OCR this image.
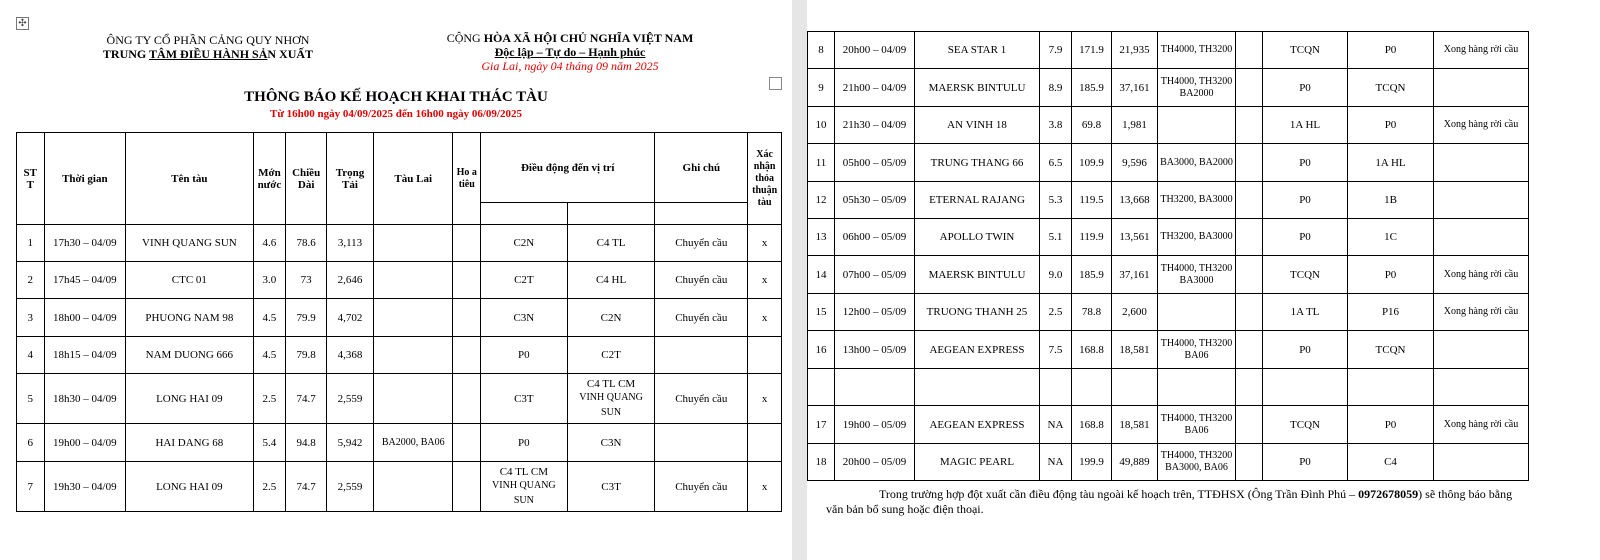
✣
ÔNG TY CỔ PHẦN CẢNG QUY NHƠN
TRUNG TÂM ĐIỀU HÀNH SẢN XUẤT
CỘNG HÒA XÃ HỘI CHỦ NGHĨA VIỆT NAM
Độc lập – Tự do – Hạnh phúc
Gia Lai, ngày 04 tháng 09 năm 2025
THÔNG BÁO KẾ HOẠCH KHAI THÁC TÀU
Từ 16h00 ngày 04/09/2025 đến 16h00 ngày 06/09/2025
ST T	Thời gian	Tên tàu	Mớn nước	Chiều Dài	Trọng Tải	Tàu Lai	Ho a tiêu	Điều động đến vị trí		Ghi chú	Xác nhận thỏa thuận tàu

1	17h30 – 04/09	VINH QUANG SUN	4.6	78.6	3,113			C2N	C4 TL	Chuyển cầu	x
2	17h45 – 04/09	CTC 01	3.0	73	2,646			C2T	C4 HL	Chuyển cầu	x
3	18h00 – 04/09	PHUONG NAM 98	4.5	79.9	4,702			C3N	C2N	Chuyển cầu	x
4	18h15 – 04/09	NAM DUONG 666	4.5	79.8	4,368			P0	C2T		

5	18h30 – 04/09	LONG HAI 09	2.5	74.7	2,559			C3T	C4 TL CM
VINH QUANG SUN	Chuyển cầu	x
6	19h00 – 04/09	HAI DANG 68	5.4	94.8	5,942	BA2000, BA06		P0	C3N		

7	19h30 – 04/09	LONG HAI 09	2.5	74.7	2,559			C4 TL CM
VINH QUANG SUN	C3T	Chuyển cầu	x
8	20h00 – 04/09	SEA STAR 1	7.9	171.9	21,935	TH4000, TH3200		TCQN	P0	Xong hàng rời cầu	
9	21h00 – 04/09	MAERSK BINTULU	8.9	185.9	37,161	TH4000, TH3200 BA2000		P0	TCQN		
10	21h30 – 04/09	AN VINH 18	3.8	69.8	1,981			1A HL	P0	Xong hàng rời cầu	
11	05h00 – 05/09	TRUNG THANG 66	6.5	109.9	9,596	BA3000, BA2000		P0	1A HL		
12	05h30 – 05/09	ETERNAL RAJANG	5.3	119.5	13,668	TH3200, BA3000		P0	1B		
13	06h00 – 05/09	APOLLO TWIN	5.1	119.9	13,561	TH3200, BA3000		P0	1C		
14	07h00 – 05/09	MAERSK BINTULU	9.0	185.9	37,161	TH4000, TH3200 BA3000		TCQN	P0	Xong hàng rời cầu	
15	12h00 – 05/09	TRUONG THANH 25	2.5	78.8	2,600			1A TL	P16	Xong hàng rời cầu	
16	13h00 – 05/09	AEGEAN EXPRESS	7.5	168.8	18,581	TH4000, TH3200 BA06		P0	TCQN		

17	19h00 – 05/09	AEGEAN EXPRESS	NA	168.8	18,581	TH4000, TH3200 BA06		TCQN	P0	Xong hàng rời cầu	
18	20h00 – 05/09	MAGIC PEARL	NA	199.9	49,889	TH4000, TH3200 BA3000, BA06		P0	C4		
Trong trường hợp đột xuất cần điều động tàu ngoài kế hoạch trên, TTĐHSX (Ông Trần Đình Phú – 0972678059) sẽ thông báo bằng
văn bản bổ sung hoặc điện thoại.
